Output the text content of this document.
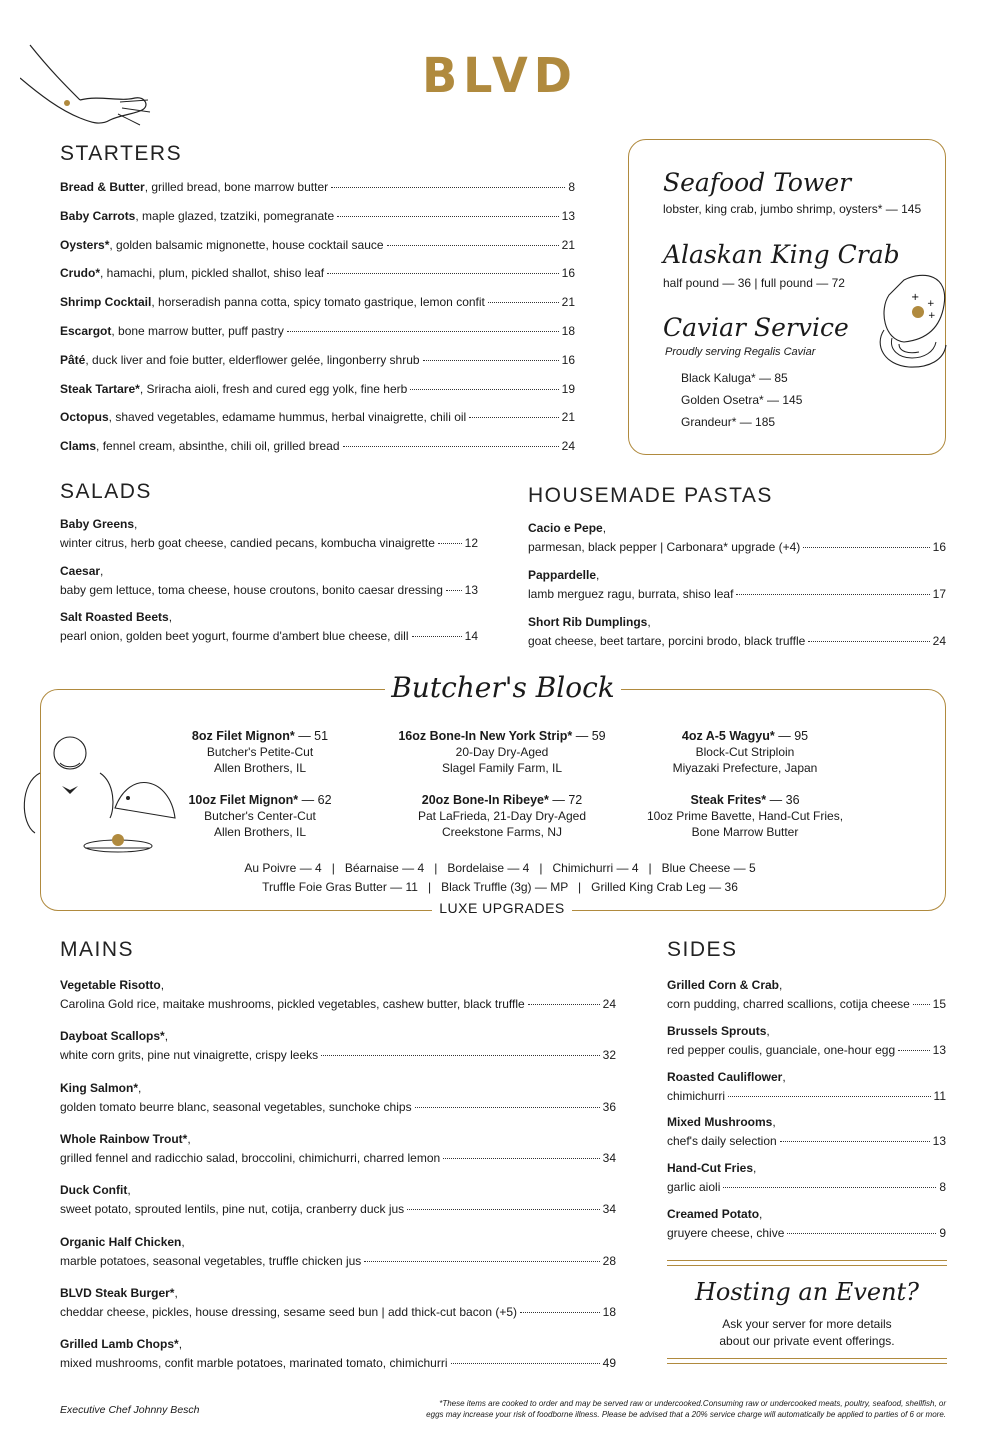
BLVD
STARTERS
Bread & Butter , grilled bread, bone marrow butter	8
Baby Carrots , maple glazed, tzatziki, pomegranate	13
Oysters* , golden balsamic mignonette, house cocktail sauce	21
Crudo* , hamachi, plum, pickled shallot, shiso leaf	16
Shrimp Cocktail , horseradish panna cotta, spicy tomato gastrique, lemon confit	21
Escargot , bone marrow butter, puff pastry	18
Pâté , duck liver and foie butter, elderflower gelée, lingonberry shrub	16
Steak Tartare* , Sriracha aioli, fresh and cured egg yolk, fine herb	19
Octopus , shaved vegetables, edamame hummus, herbal vinaigrette, chili oil	21
Clams , fennel cream, absinthe, chili oil, grilled bread	24
Seafood Tower
lobster, king crab, jumbo shrimp, oysters* — 145
Alaskan King Crab
half pound — 36 | full pound — 72
Caviar Service
Proudly serving Regalis Caviar
Black Kaluga* — 85
Golden Osetra* — 145
Grandeur* — 185
+
+
+
SALADS
Baby Greens,
winter citrus, herb goat cheese, candied pecans, kombucha vinaigrette 12
Caesar,
baby gem lettuce, toma cheese, house croutons, bonito caesar dressing 13
Salt Roasted Beets,
pearl onion, golden beet yogurt, fourme d'ambert blue cheese, dill	14
HOUSEMADE PASTAS
Cacio e Pepe,
parmesan, black pepper | Carbonara* upgrade (+4)	16
Pappardelle,
lamb merguez ragu, burrata, shiso leaf	17
Short Rib Dumplings,
goat cheese, beet tartare, porcini brodo, black truffle	24
Butcher's Block
8oz Filet Mignon* — 51
Butcher's Petite-Cut
Allen Brothers, IL
16oz Bone-In New York Strip* — 59
20-Day Dry-Aged
Slagel Family Farm, IL
4oz A-5 Wagyu* — 95
Block-Cut Striploin
Miyazaki Prefecture, Japan
10oz Filet Mignon* — 62
Butcher's Center-Cut
Allen Brothers, IL
20oz Bone-In Ribeye* — 72
Pat LaFrieda, 21-Day Dry-Aged
Creekstone Farms, NJ
Steak Frites* — 36
10oz Prime Bavette, Hand-Cut Fries,
Bone Marrow Butter
Au Poivre — 4   |   Béarnaise — 4   |   Bordelaise — 4   |   Chimichurri — 4   |   Blue Cheese — 5
Truffle Foie Gras Butter — 11   |   Black Truffle (3g) — MP   |   Grilled King Crab Leg — 36
LUXE UPGRADES
MAINS
Vegetable Risotto,
Carolina Gold rice, maitake mushrooms, pickled vegetables, cashew butter, black truffle	24
Dayboat Scallops*,
white corn grits, pine nut vinaigrette, crispy leeks	32
King Salmon*,
golden tomato beurre blanc, seasonal vegetables, sunchoke chips	36
Whole Rainbow Trout*,
grilled fennel and radicchio salad, broccolini, chimichurri, charred lemon	34
Duck Confit,
sweet potato, sprouted lentils, pine nut, cotija, cranberry duck jus	34
Organic Half Chicken,
marble potatoes, seasonal vegetables, truffle chicken jus	28
BLVD Steak Burger*,
cheddar cheese, pickles, house dressing, sesame seed bun | add thick-cut bacon (+5)	18
Grilled Lamb Chops*,
mixed mushrooms, confit marble potatoes, marinated tomato, chimichurri	49
SIDES
Grilled Corn & Crab,
corn pudding, charred scallions, cotija cheese 15
Brussels Sprouts,
red pepper coulis, guanciale, one-hour egg	13
Roasted Cauliflower,
chimichurri	11
Mixed Mushrooms,
chef's daily selection	13
Hand-Cut Fries,
garlic aioli	8
Creamed Potato,
gruyere cheese, chive	9
Hosting an Event?
Ask your server for more details
about our private event offerings.
Executive Chef Johnny Besch
*These items are cooked to order and may be served raw or undercooked.Consuming raw or undercooked meats, poultry, seafood, shellfish, or
eggs may increase your risk of foodborne illness. Please be advised that a 20% service charge will automatically be applied to parties of 6 or more.
